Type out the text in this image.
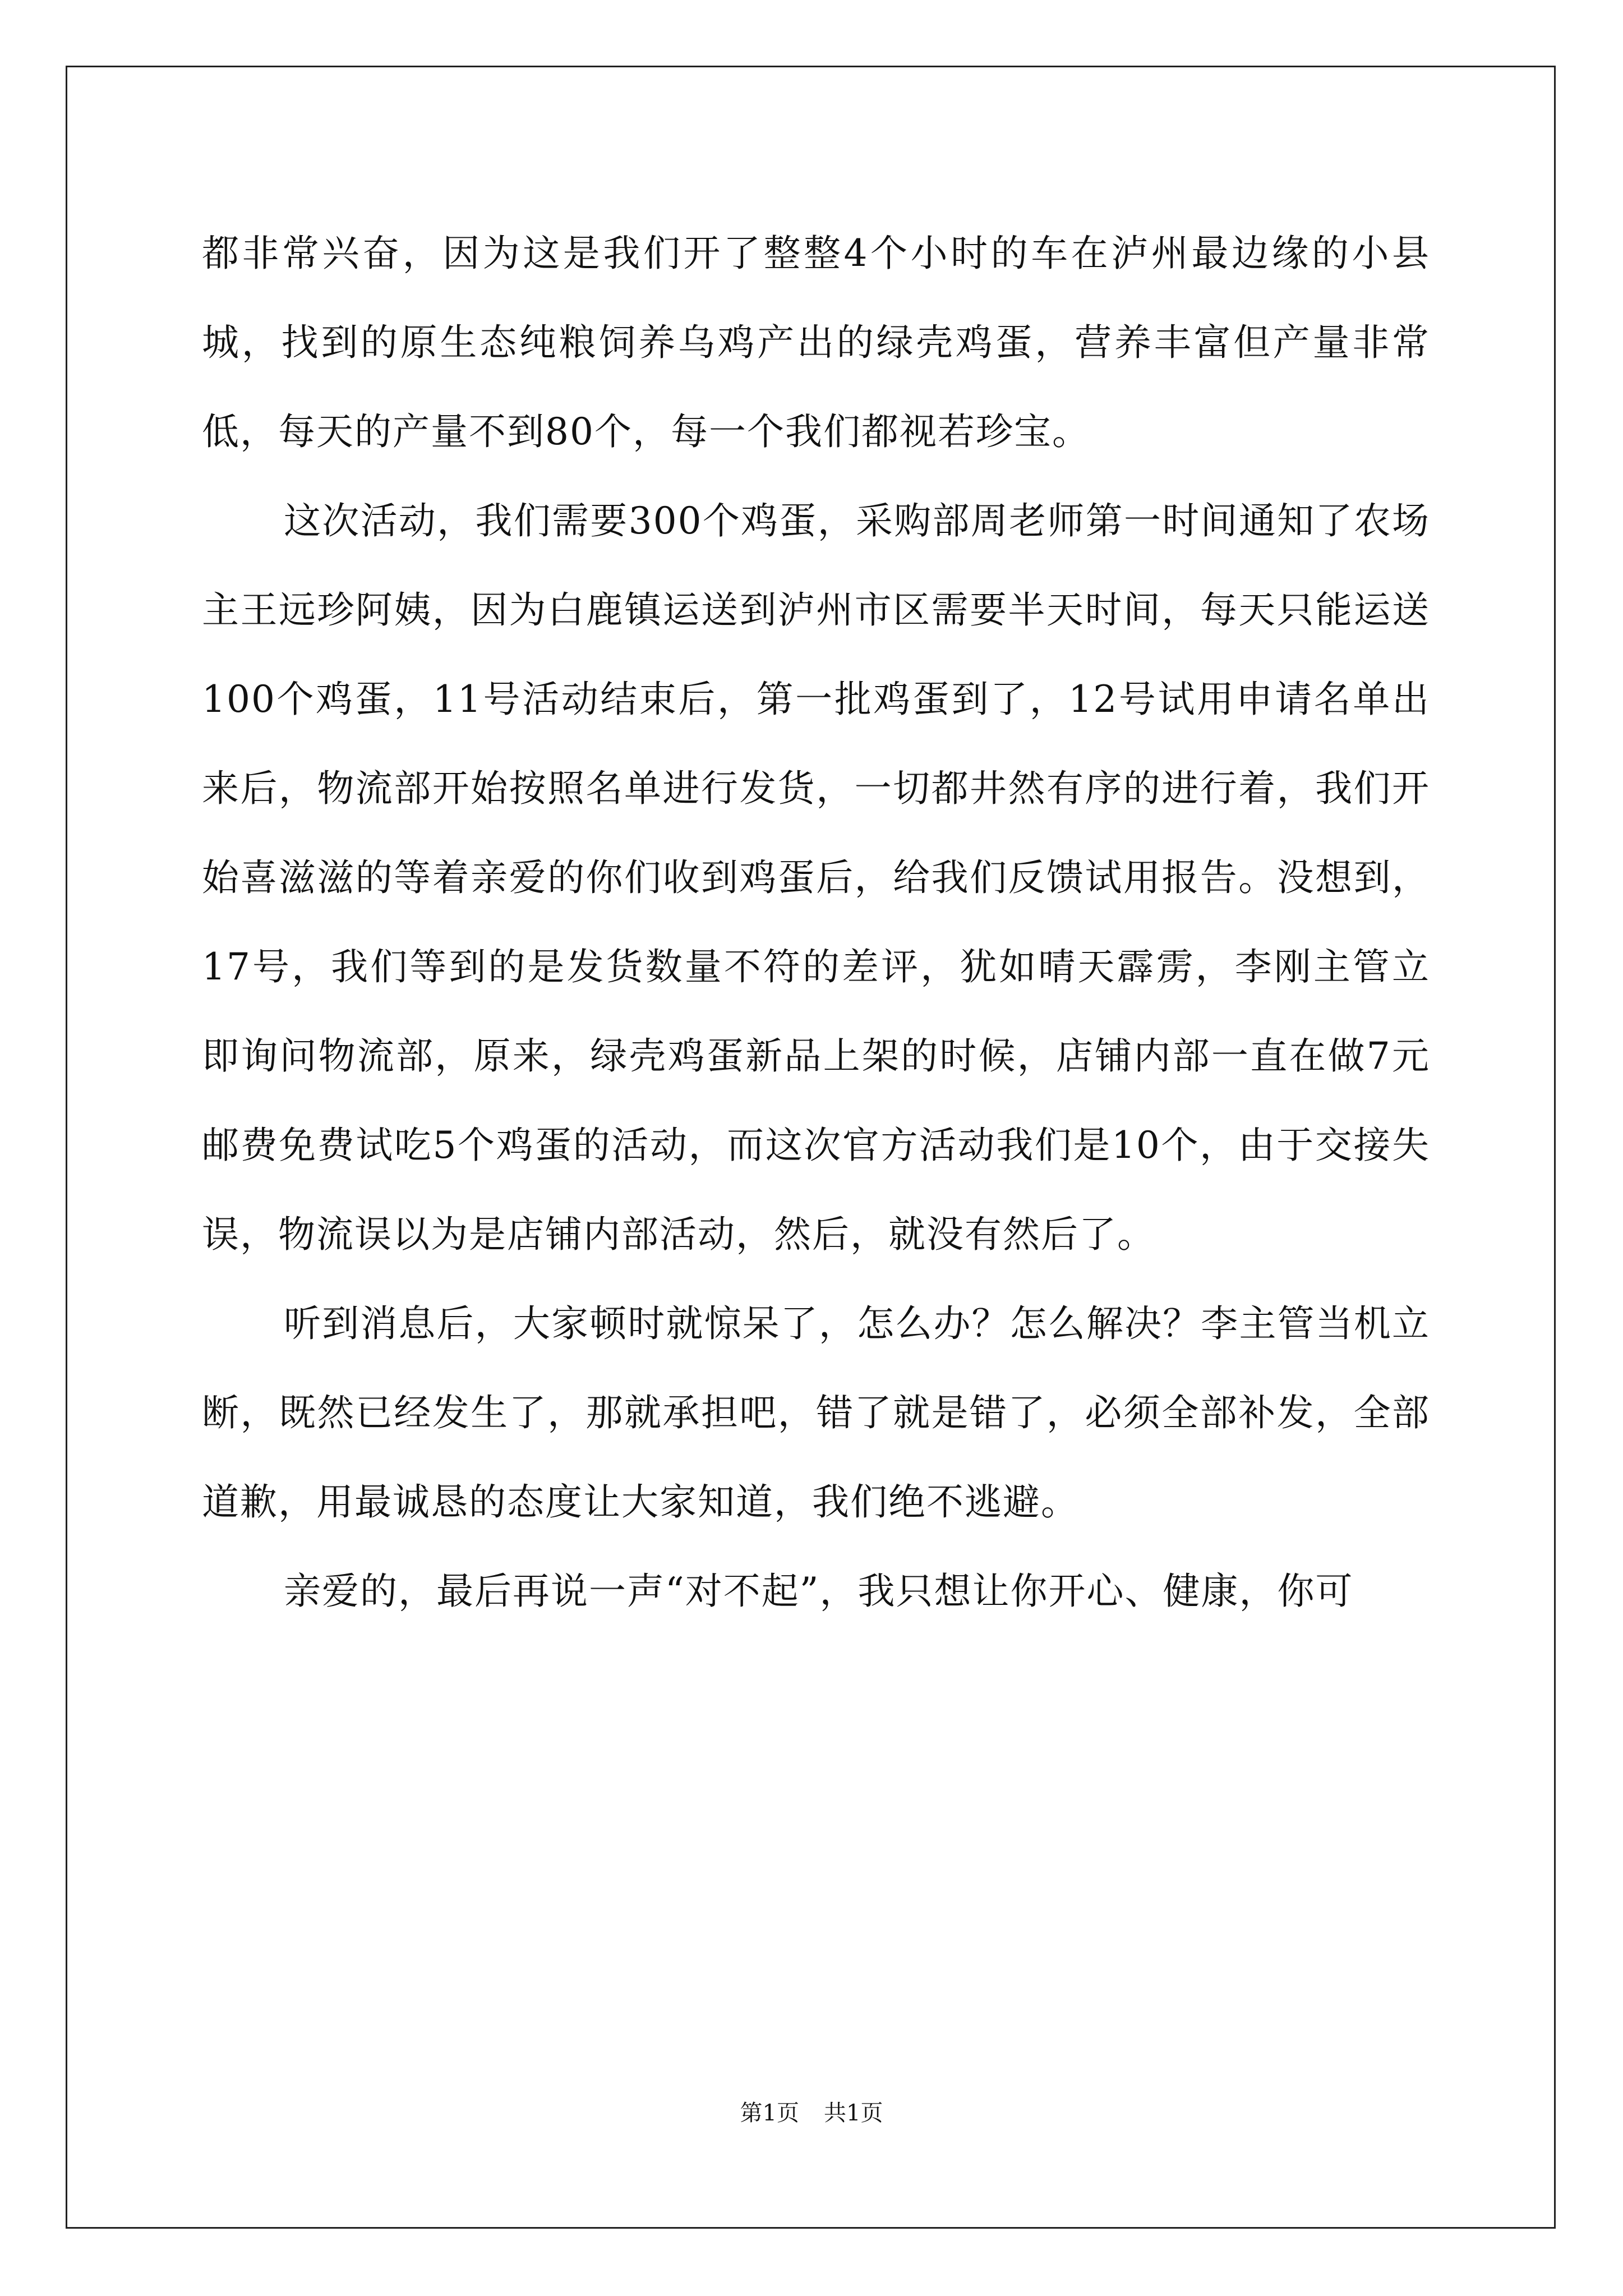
都非常兴奋，因为这是我们开了整整4个小时的车在泸州最边缘的小县城，找到的原生态纯粮饲养乌鸡产出的绿壳鸡蛋，营养丰富但产量非常低，每天的产量不到80个，每一个我们都视若珍宝。

这次活动，我们需要300个鸡蛋，采购部周老师第一时间通知了农场主王远珍阿姨，因为白鹿镇运送到泸州市区需要半天时间，每天只能运送100个鸡蛋，11号活动结束后，第一批鸡蛋到了，12号试用申请名单出来后，物流部开始按照名单进行发货，一切都井然有序的进行着，我们开始喜滋滋的等着亲爱的你们收到鸡蛋后，给我们反馈试用报告。没想到，17号，我们等到的是发货数量不符的差评，犹如晴天霹雳，李刚主管立即询问物流部，原来，绿壳鸡蛋新品上架的时候，店铺内部一直在做7元邮费免费试吃5个鸡蛋的活动，而这次官方活动我们是10个，由于交接失误，物流误以为是店铺内部活动，然后，就没有然后了。

听到消息后，大家顿时就惊呆了，怎么办？怎么解决？李主管当机立断，既然已经发生了，那就承担吧，错了就是错了，必须全部补发，全部道歉，用最诚恳的态度让大家知道，我们绝不逃避。

亲爱的，最后再说一声“对不起”，我只想让你开心、健康，你可

第1页 共1页
